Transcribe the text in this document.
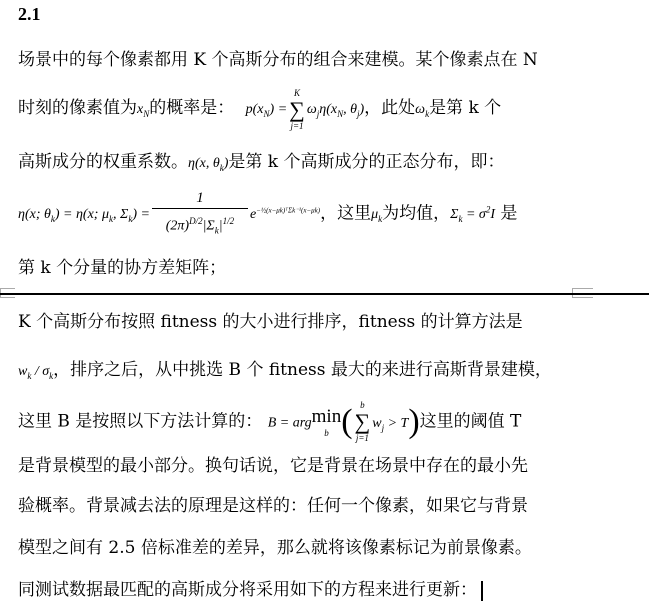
2.1
场景中的每个像素都用 K 个高斯分布的组合来建模。某个像素点在 N
时刻的像素值为$x_N$的概率是： $p(x_N)$ =
K
∑
j=1
$\omega_j\eta(x_N$, $\theta_j$)，此处$\omega_k$是第 k 个
高斯成分的权重系数。η(x, $\theta_k$)是第 k 个高斯成分的正态分布，即：
η(x; $\theta_k) = \eta(x$; $\mu_k$, $\Sigma_k) = \frac{1}{(2\pi)^{D/2}|\Sigma_k|^{1/2}} e^{-\frac{1}{2}(x-\mu k)ᵀ\Sigma k^{-1}(x-\mu k)}$，这里$\mu_k$为均值，$\Sigma_k = \sigma^2I$ 是
第 k 个分量的协方差矩阵；
K 个高斯分布按照 fitness 的大小进行排序，fitness 的计算方法是
$w_k / \sigma_k$，排序之后，从中挑选 B 个 fitness 最大的来进行高斯背景建模，
这里 B 是按照以下方法计算的： B = arg min
b ( b
∑
j=1
$w_j > T$)这里的阈值 T
是背景模型的最小部分。换句话说，它是背景在场景中存在的最小先
验概率。背景减去法的原理是这样的：任何一个像素，如果它与背景
模型之间有 2.5 倍标准差的差异，那么就将该像素标记为前景像素。
同测试数据最匹配的高斯成分将采用如下的方程来进行更新：
